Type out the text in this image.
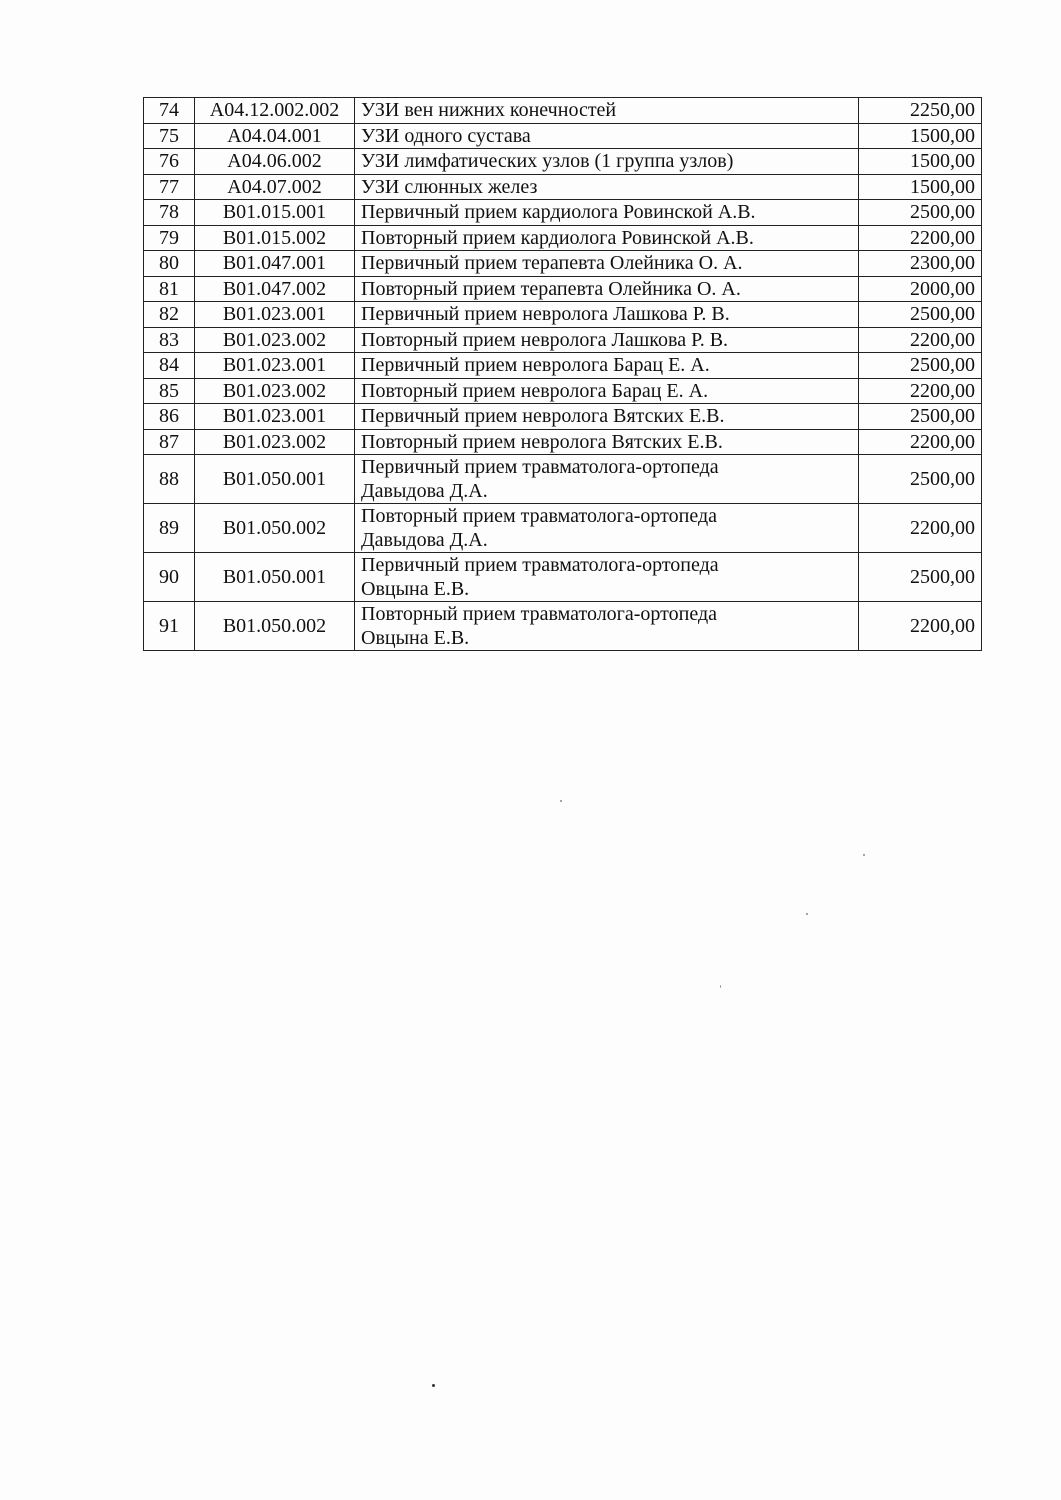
74	A04.12.002.002	УЗИ вен нижних конечностей	2250,00
75	A04.04.001	УЗИ одного сустава	1500,00
76	A04.06.002	УЗИ лимфатических узлов (1 группа узлов)	1500,00
77	A04.07.002	УЗИ слюнных желез	1500,00
78	B01.015.001	Первичный прием кардиолога Ровинской А.В.	2500,00
79	B01.015.002	Повторный прием кардиолога Ровинской А.В.	2200,00
80	B01.047.001	Первичный прием терапевта Олейника О. А.	2300,00
81	B01.047.002	Повторный прием терапевта Олейника О. А.	2000,00
82	B01.023.001	Первичный прием невролога Лашкова Р. В.	2500,00
83	B01.023.002	Повторный прием невролога Лашкова Р. В.	2200,00
84	B01.023.001	Первичный прием невролога Барац Е. А.	2500,00
85	B01.023.002	Повторный прием невролога Барац Е. А.	2200,00
86	B01.023.001	Первичный прием невролога Вятских Е.В.	2500,00
87	B01.023.002	Повторный прием невролога Вятских Е.В.	2200,00
88	B01.050.001	Первичный прием травматолога-ортопеда
Давыдова Д.А.	2500,00
89	B01.050.002	Повторный прием травматолога-ортопеда
Давыдова Д.А.	2200,00
90	B01.050.001	Первичный прием травматолога-ортопеда
Овцына Е.В.	2500,00
91	B01.050.002	Повторный прием травматолога-ортопеда
Овцына Е.В.	2200,00
